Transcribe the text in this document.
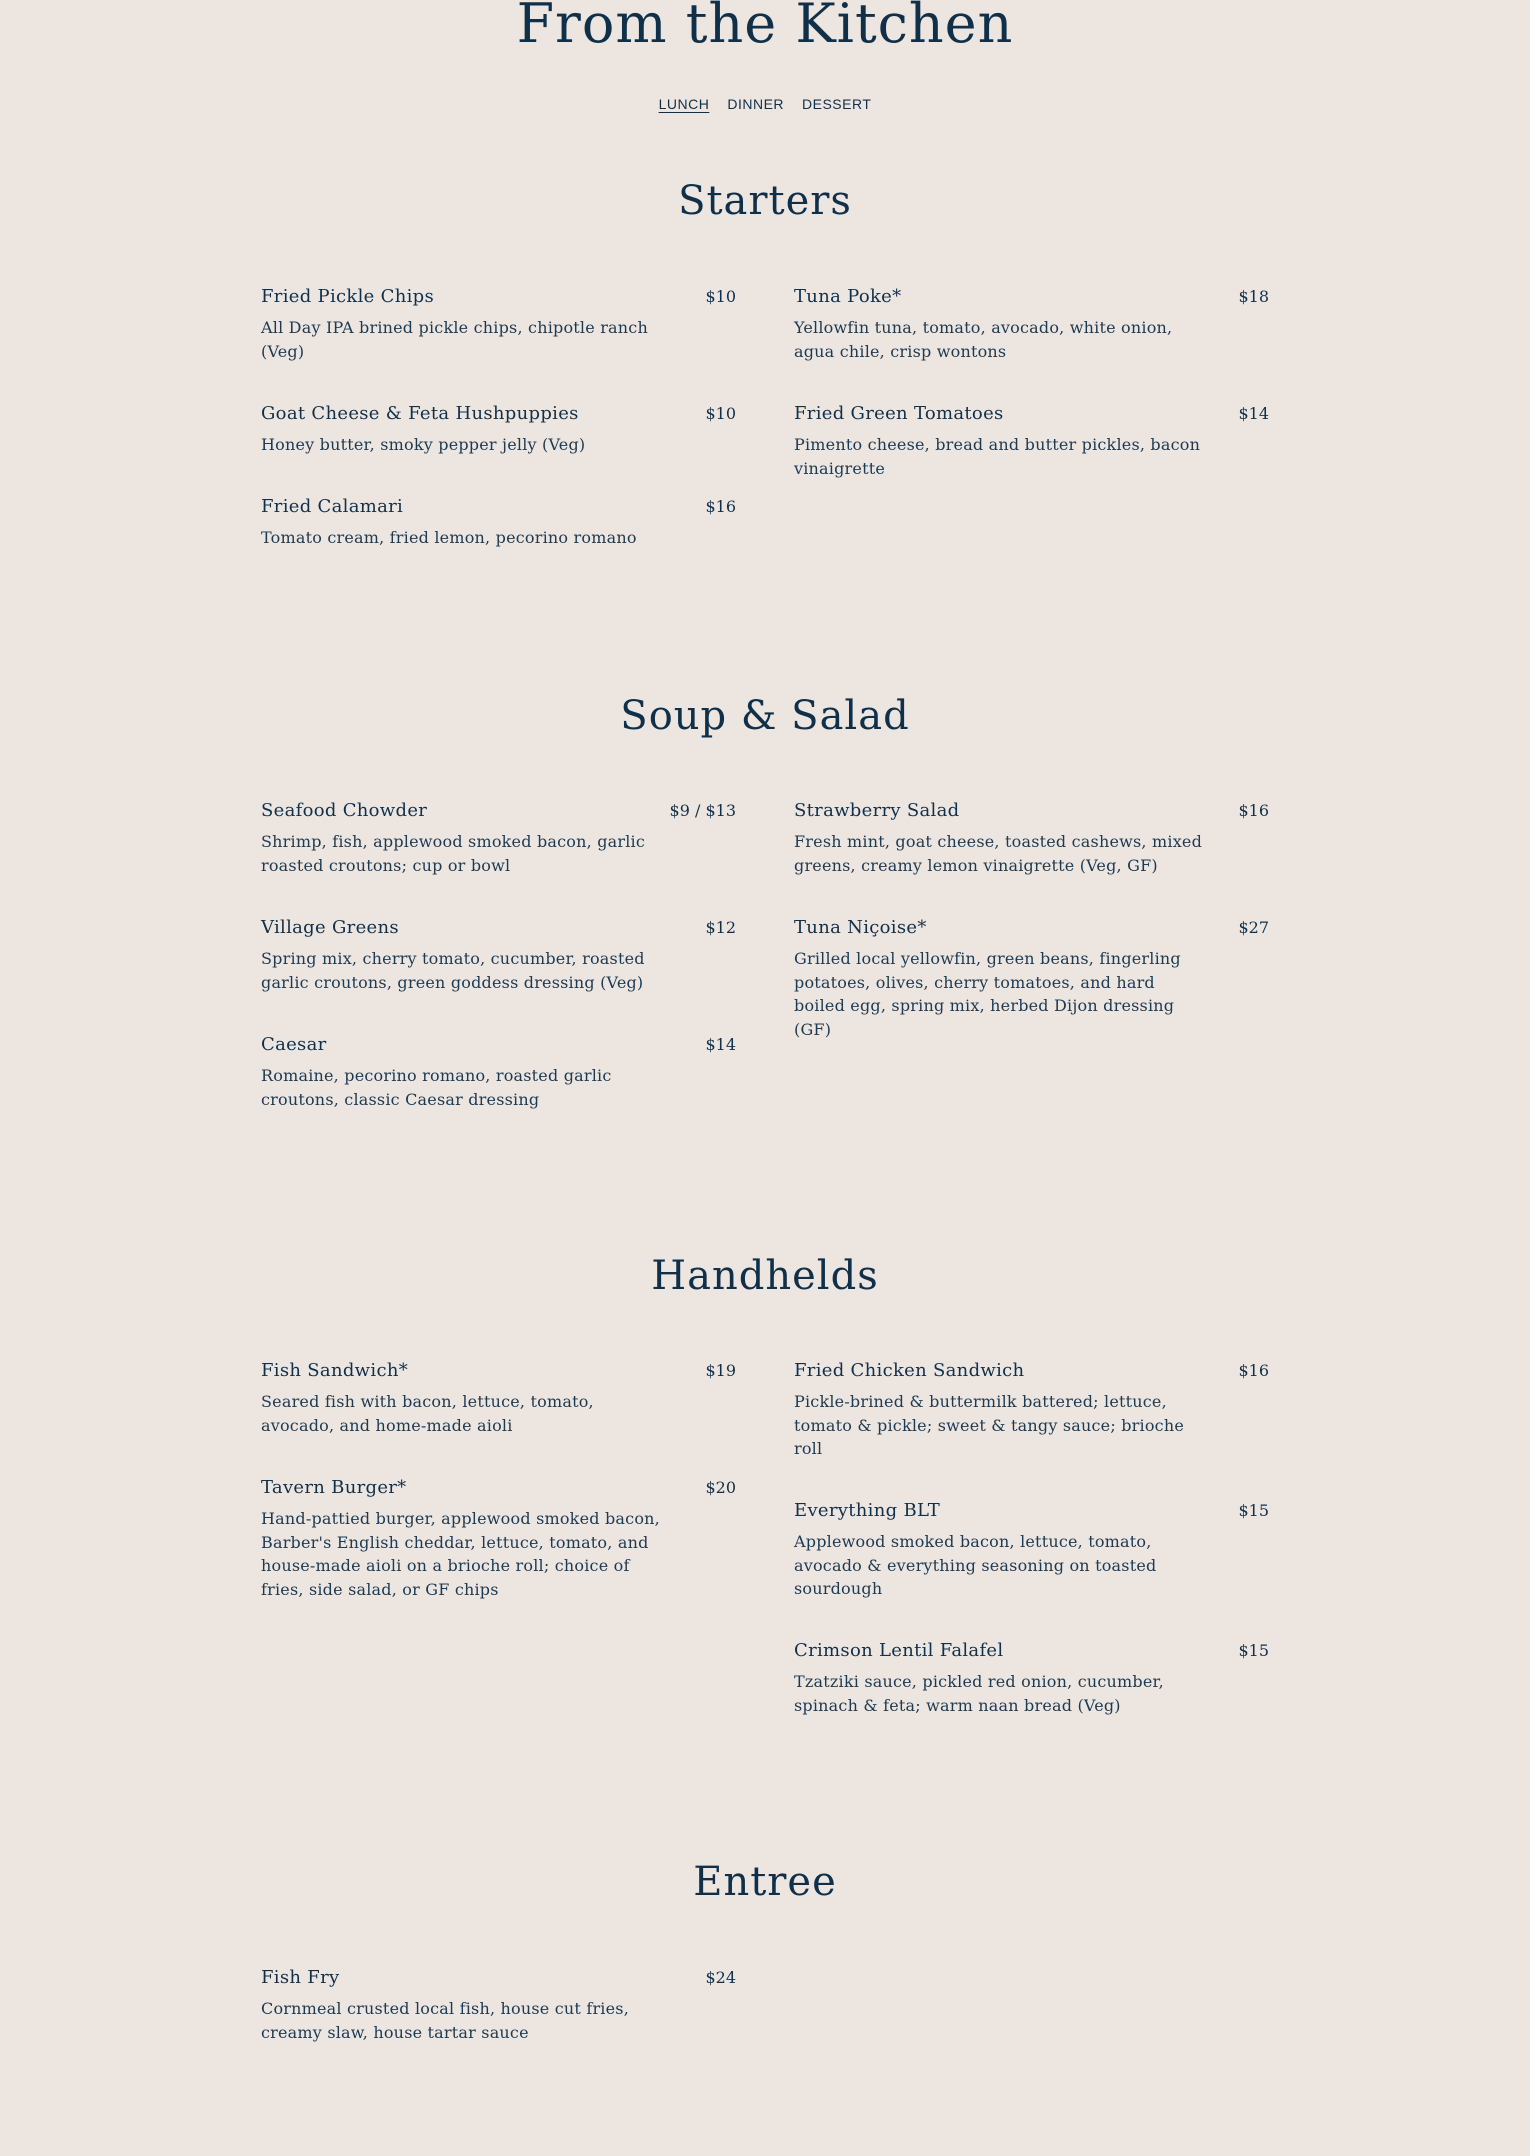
From the Kitchen
LUNCH DINNER DESSERT
Starters
Fried Pickle Chips	$10
All Day IPA brined pickle chips, chipotle ranch (Veg)
Tuna Poke*	$18
Yellowfin tuna, tomato, avocado, white onion, agua chile, crisp wontons
Goat Cheese & Feta Hushpuppies	$10
Honey butter, smoky pepper jelly (Veg)
Fried Green Tomatoes	$14
Pimento cheese, bread and butter pickles, bacon vinaigrette
Fried Calamari	$16
Tomato cream, fried lemon, pecorino romano
Soup & Salad
Seafood Chowder	$9 / $13
Shrimp, fish, applewood smoked bacon, garlic roasted croutons; cup or bowl
Strawberry Salad	$16
Fresh mint, goat cheese, toasted cashews, mixed greens, creamy lemon vinaigrette (Veg, GF)
Village Greens	$12
Spring mix, cherry tomato, cucumber, roasted garlic croutons, green goddess dressing (Veg)
Tuna Niçoise*	$27
Grilled local yellowfin, green beans, fingerling potatoes, olives, cherry tomatoes, and hard boiled egg, spring mix, herbed Dijon dressing (GF)
Caesar	$14
Romaine, pecorino romano, roasted garlic croutons, classic Caesar dressing
Handhelds
Fish Sandwich*	$19
Seared fish with bacon, lettuce, tomato, avocado, and home-made aioli
Fried Chicken Sandwich	$16
Pickle-brined & buttermilk battered; lettuce, tomato & pickle; sweet & tangy sauce; brioche roll
Tavern Burger*	$20
Hand-pattied burger, applewood smoked bacon, Barber's English cheddar, lettuce, tomato, and house-made aioli on a brioche roll; choice of fries, side salad, or GF chips
Everything BLT	$15
Applewood smoked bacon, lettuce, tomato, avocado & everything seasoning on toasted sourdough
Crimson Lentil Falafel	$15
Tzatziki sauce, pickled red onion, cucumber, spinach & feta; warm naan bread (Veg)
Entree
Fish Fry	$24
Cornmeal crusted local fish, house cut fries, creamy slaw, house tartar sauce
